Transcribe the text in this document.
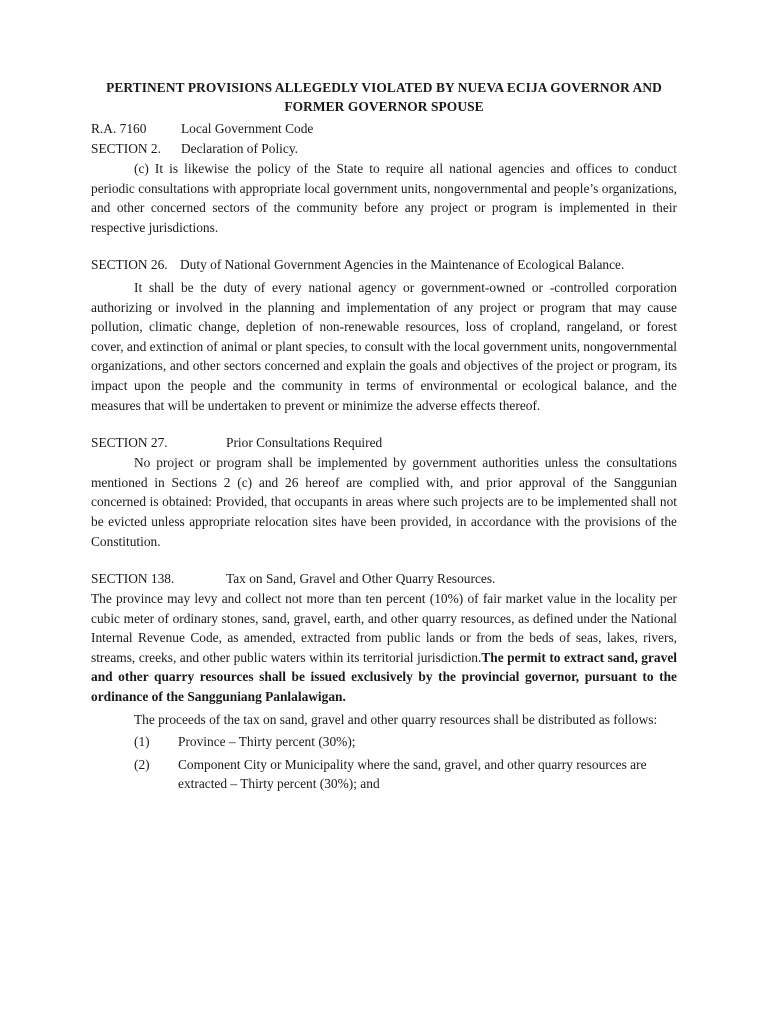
PERTINENT PROVISIONS ALLEGEDLY VIOLATED BY NUEVA ECIJA GOVERNOR AND FORMER GOVERNOR SPOUSE

R.A. 7160	Local Government Code
SECTION 2.	Declaration of Policy.

(c) It is likewise the policy of the State to require all national agencies and offices to conduct periodic consultations with appropriate local government units, nongovernmental and people’s organizations, and other concerned sectors of the community before any project or program is implemented in their respective jurisdictions.

SECTION 26. Duty of National Government Agencies in the Maintenance of Ecological Balance.

It shall be the duty of every national agency or government-owned or -controlled corporation authorizing or involved in the planning and implementation of any project or program that may cause pollution, climatic change, depletion of non-renewable resources, loss of cropland, rangeland, or forest cover, and extinction of animal or plant species, to consult with the local government units, nongovernmental organizations, and other sectors concerned and explain the goals and objectives of the project or program, its impact upon the people and the community in terms of environmental or ecological balance, and the measures that will be undertaken to prevent or minimize the adverse effects thereof.

SECTION 27.	Prior Consultations Required

No project or program shall be implemented by government authorities unless the consultations mentioned in Sections 2 (c) and 26 hereof are complied with, and prior approval of the Sanggunian concerned is obtained: Provided, that occupants in areas where such projects are to be implemented shall not be evicted unless appropriate relocation sites have been provided, in accordance with the provisions of the Constitution.

SECTION 138.	Tax on Sand, Gravel and Other Quarry Resources.

The province may levy and collect not more than ten percent (10%) of fair market value in the locality per cubic meter of ordinary stones, sand, gravel, earth, and other quarry resources, as defined under the National Internal Revenue Code, as amended, extracted from public lands or from the beds of seas, lakes, rivers, streams, creeks, and other public waters within its territorial jurisdiction.The permit to extract sand, gravel and other quarry resources shall be issued exclusively by the provincial governor, pursuant to the ordinance of the Sangguniang Panlalawigan.

The proceeds of the tax on sand, gravel and other quarry resources shall be distributed as follows:

(1)	Province – Thirty percent (30%);
(2)	Component City or Municipality where the sand, gravel, and other quarry resources are extracted – Thirty percent (30%); and
